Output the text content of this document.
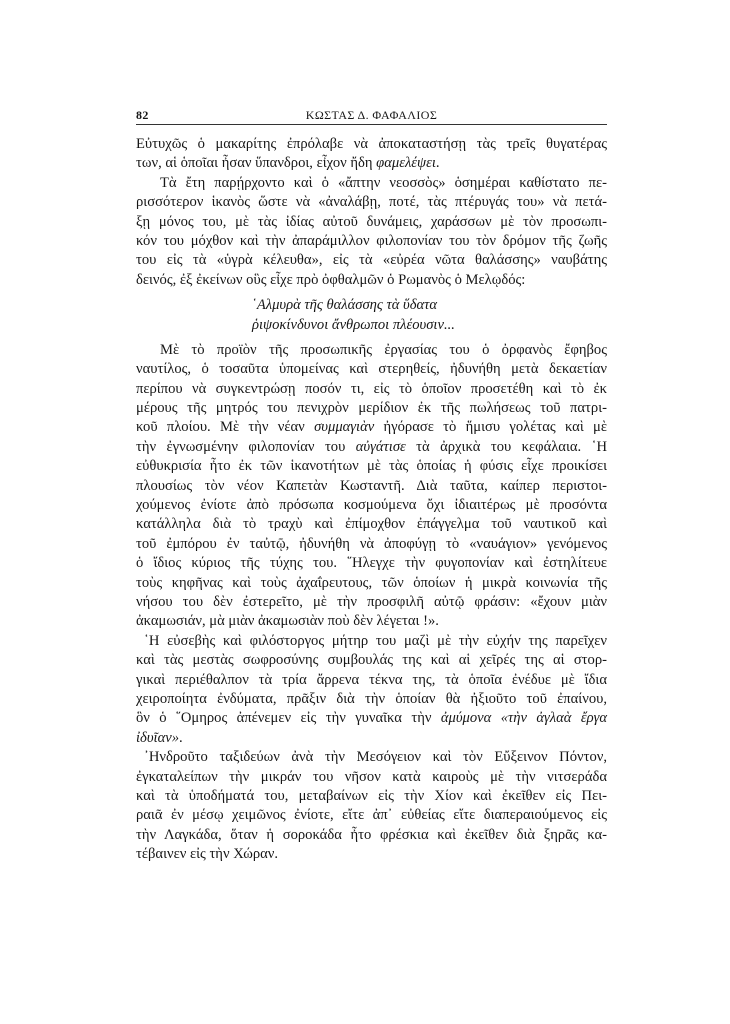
82	ΚΩΣΤΑΣ Δ. ΦΑΦΑΛΙΟΣ
Εὐτυχῶς ὁ μακαρίτης ἐπρόλαβε νὰ ἀποκαταστήσῃ τὰς τρεῖς θυγατέρας
των, αἱ ὁποῖαι ἦσαν ὕπανδροι, εἶχον ἤδη φαμελέψει.
Τὰ ἔτη παρῄρχοντο καὶ ὁ «ἄπτην νεοσσὸς» ὁσημέραι καθίστατο πε-
ρισσότερον ἱκανὸς ὥστε νὰ «ἀναλάβῃ, ποτέ, τὰς πτέρυγάς του» νὰ πετά-
ξῃ μόνος του, μὲ τὰς ἰδίας αὐτοῦ δυνάμεις, χαράσσων μὲ τὸν προσωπι-
κόν του μόχθον καὶ τὴν ἀπαράμιλλον φιλοπονίαν του τὸν δρόμον τῆς ζωῆς
του εἰς τὰ «ὑγρὰ κέλευθα», εἰς τὰ «εὐρέα νῶτα θαλάσσης» ναυβάτης
δεινός, ἐξ ἐκείνων οὓς εἶχε πρὸ ὀφθαλμῶν ὁ Ρωμανὸς ὁ Μελῳδός:
῾Αλμυρὰ τῆς θαλάσσης τὰ ὕδατα
ῥιψοκίνδυνοι ἄνθρωποι πλέουσιν...
Μὲ τὸ προϊὸν τῆς προσωπικῆς ἐργασίας του ὁ ὀρφανὸς ἔφηβος
ναυτίλος, ὁ τοσαῦτα ὑπομείνας καὶ στερηθείς, ἠδυνήθη μετὰ δεκαετίαν
περίπου νὰ συγκεντρώσῃ ποσόν τι, εἰς τὸ ὁποῖον προσετέθη καὶ τὸ ἐκ
μέρους τῆς μητρός του πενιχρὸν μερίδιον ἐκ τῆς πωλήσεως τοῦ πατρι-
κοῦ πλοίου. Μὲ τὴν νέαν συμμαγιὰν ἠγόρασε τὸ ἥμισυ γολέτας καὶ μὲ
τὴν ἐγνωσμένην φιλοπονίαν του αὐγάτισε τὰ ἀρχικὰ του κεφάλαια. ῾Η
εὐθυκρισία ἦτο ἐκ τῶν ἱκανοτήτων μὲ τὰς ὁποίας ἡ φύσις εἶχε προικίσει
πλουσίως τὸν νέον Καπετὰν Κωσταντῆ. Διὰ ταῦτα, καίπερ περιστοι-
χούμενος ἐνίοτε ἀπὸ πρόσωπα κοσμούμενα ὄχι ἰδιαιτέρως μὲ προσόντα
κατάλληλα διὰ τὸ τραχὺ καὶ ἐπίμοχθον ἐπάγγελμα τοῦ ναυτικοῦ καὶ
τοῦ ἐμπόρου ἐν ταὐτῷ, ἠδυνήθη νὰ ἀποφύγῃ τὸ «ναυάγιον» γενόμενος
ὁ ἴδιος κύριος τῆς τύχης του. ῞Ηλεγχε τὴν φυγοπονίαν καὶ ἐστηλίτευε
τοὺς κηφῆνας καὶ τοὺς ἀχαΐρευτους, τῶν ὁποίων ἡ μικρὰ κοινωνία τῆς
νήσου του δὲν ἐστερεῖτο, μὲ τὴν προσφιλῆ αὐτῷ φράσιν: «ἔχουν μιὰν
ἀκαμωσιάν, μὰ μιὰν ἀκαμωσιὰν ποὺ δὲν λέγεται !».
῾Η εὐσεβὴς καὶ φιλόστοργος μήτηρ του μαζὶ μὲ τὴν εὐχήν της παρεῖχεν
καὶ τὰς μεστὰς σωφροσύνης συμβουλάς της καὶ αἱ χεῖρές της αἱ στορ-
γικαὶ περιέθαλπον τὰ τρία ἄρρενα τέκνα της, τὰ ὁποῖα ἐνέδυε μὲ ἴδια
χειροποίητα ἐνδύματα, πρᾶξιν διὰ τὴν ὁποίαν θὰ ἠξιοῦτο τοῦ ἐπαίνου,
ὃν ὁ ῞Ομηρος ἀπένεμεν εἰς τὴν γυναῖκα τὴν ἀμύμονα «τὴν ἀγλαὰ ἔργα
ἰδυῖαν».
᾿Ηνδροῦτο ταξιδεύων ἀνὰ τὴν Μεσόγειον καὶ τὸν Εὔξεινον Πόντον,
ἐγκαταλείπων τὴν μικράν του νῆσον κατὰ καιροὺς μὲ τὴν νιτσεράδα
καὶ τὰ ὑποδήματά του, μεταβαίνων εἰς τὴν Χίον καὶ ἐκεῖθεν εἰς Πει-
ραιᾶ ἐν μέσῳ χειμῶνος ἐνίοτε, εἴτε ἀπ᾿ εὐθείας εἴτε διαπεραιούμενος εἰς
τὴν Λαγκάδα, ὅταν ἡ σοροκάδα ἦτο φρέσκια καὶ ἐκεῖθεν διὰ ξηρᾶς κα-
τέβαινεν εἰς τὴν Χώραν.
